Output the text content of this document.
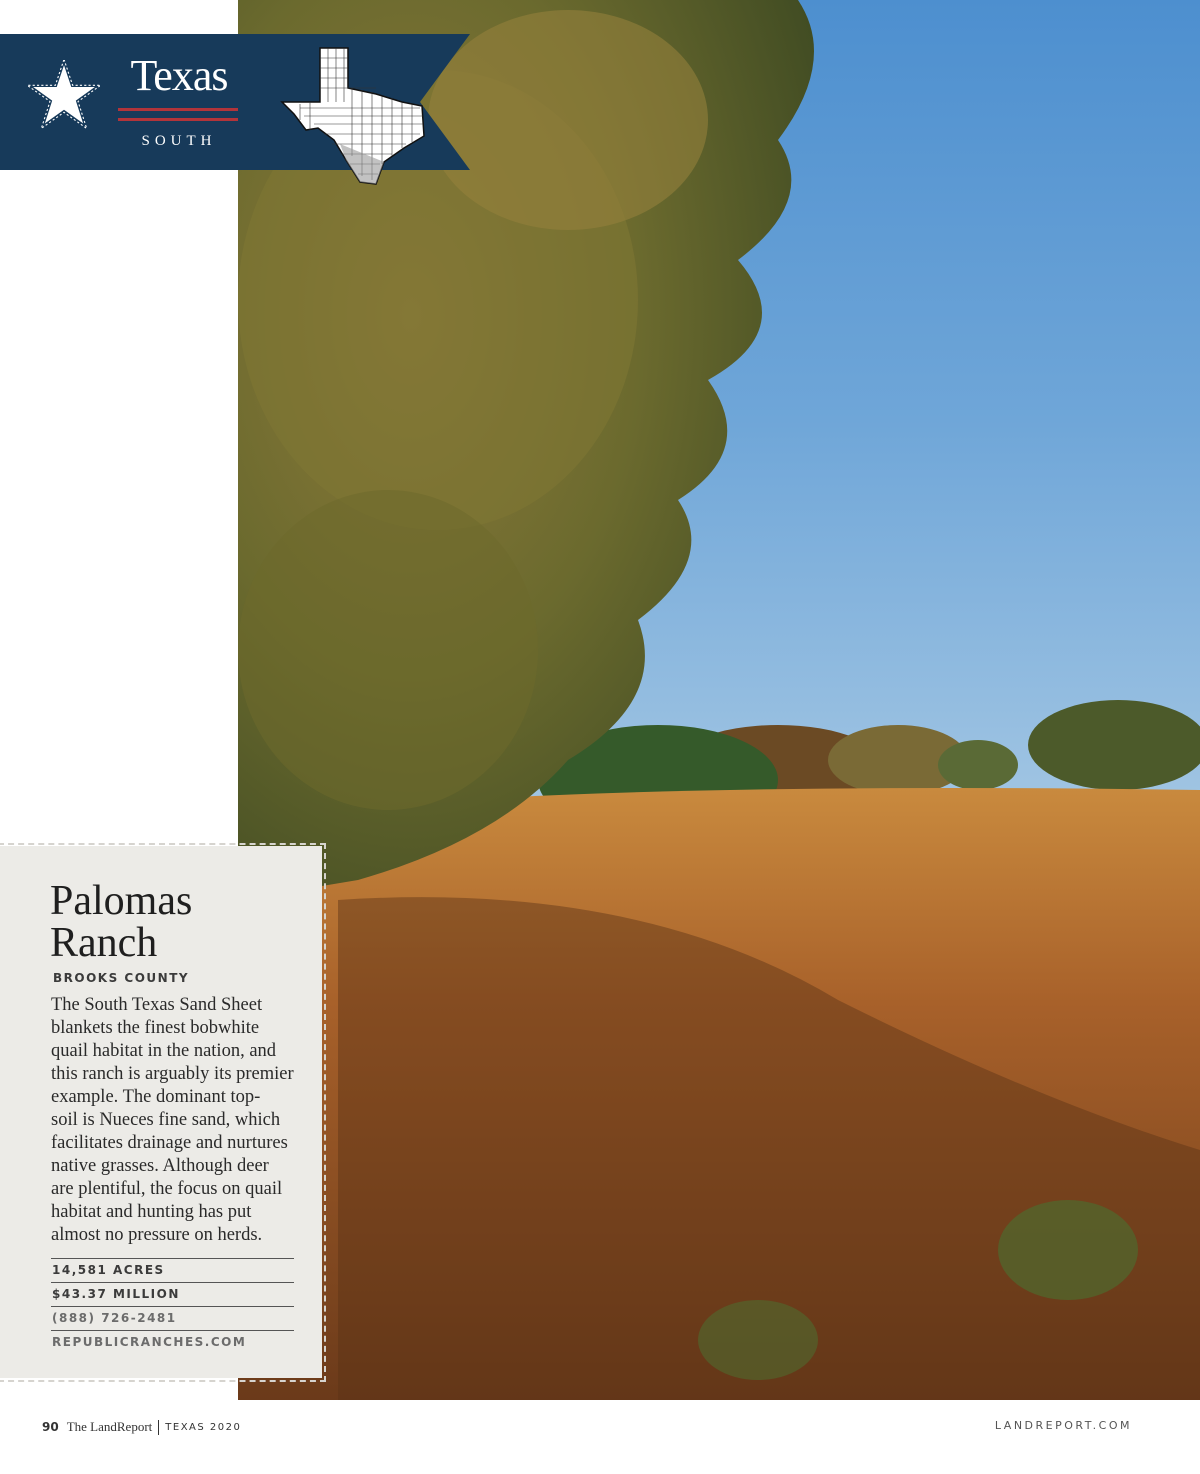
Texas
SOUTH
Palomas
Ranch
BROOKS COUNTY
The South Texas Sand Sheet
blankets the finest bobwhite
quail habitat in the nation, and
this ranch is arguably its premier
example. The dominant top-
soil is Nueces fine sand, which
facilitates drainage and nurtures
native grasses. Although deer
are plentiful, the focus on quail
habitat and hunting has put
almost no pressure on herds.
14,581 ACRES
$43.37 MILLION
(888) 726-2481
REPUBLICRANCHES.COM
90 The LandReport TEXAS 2020	LANDREPORT.COM
